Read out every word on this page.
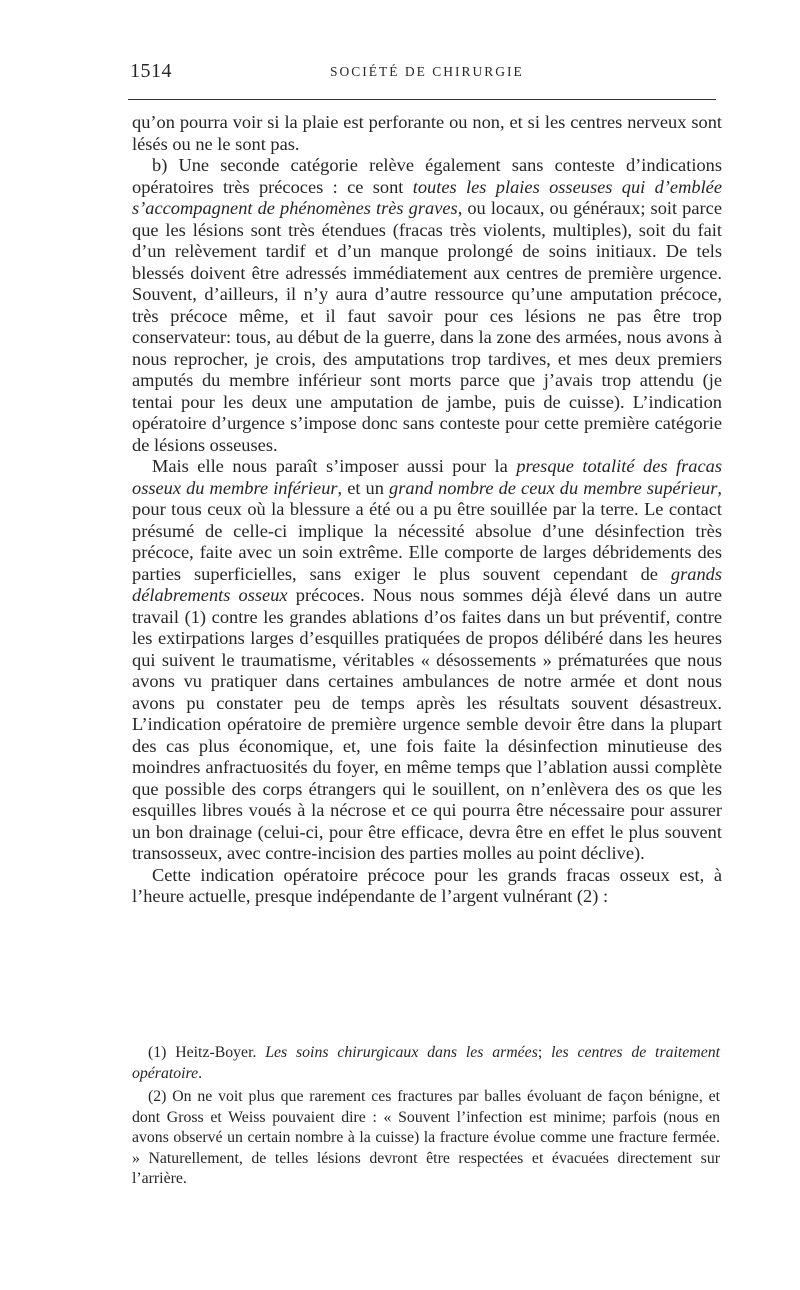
1514	SOCIÉTÉ DE CHIRURGIE

qu’on pourra voir si la plaie est perforante ou non, et si les centres nerveux sont lésés ou ne le sont pas.

b) Une seconde catégorie relève également sans conteste d’indications opératoires très précoces : ce sont toutes les plaies osseuses qui d’emblée s’accompagnent de phénomènes très graves, ou locaux, ou généraux; soit parce que les lésions sont très étendues (fracas très violents, multiples), soit du fait d’un relèvement tardif et d’un manque prolongé de soins initiaux. De tels blessés doivent être adressés immédiatement aux centres de première urgence. Souvent, d’ailleurs, il n’y aura d’autre ressource qu’une amputation précoce, très précoce même, et il faut savoir pour ces lésions ne pas être trop conservateur: tous, au début de la guerre, dans la zone des armées, nous avons à nous reprocher, je crois, des amputations trop tardives, et mes deux premiers amputés du membre inférieur sont morts parce que j’avais trop attendu (je tentai pour les deux une amputation de jambe, puis de cuisse). L’indication opératoire d’urgence s’impose donc sans conteste pour cette première catégorie de lésions osseuses.

Mais elle nous paraît s’imposer aussi pour la presque totalité des fracas osseux du membre inférieur, et un grand nombre de ceux du membre supérieur, pour tous ceux où la blessure a été ou a pu être souillée par la terre. Le contact présumé de celle-ci implique la nécessité absolue d’une désinfection très précoce, faite avec un soin extrême. Elle comporte de larges débridements des parties superficielles, sans exiger le plus souvent cependant de grands délabrements osseux précoces. Nous nous sommes déjà élevé dans un autre travail (1) contre les grandes ablations d’os faites dans un but préventif, contre les extirpations larges d’esquilles pratiquées de propos délibéré dans les heures qui suivent le traumatisme, véritables « désossements » prématurées que nous avons vu pratiquer dans certaines ambulances de notre armée et dont nous avons pu constater peu de temps après les résultats souvent désastreux. L’indication opératoire de première urgence semble devoir être dans la plupart des cas plus économique, et, une fois faite la désinfection minutieuse des moindres anfractuosités du foyer, en même temps que l’ablation aussi complète que possible des corps étrangers qui le souillent, on n’enlèvera des os que les esquilles libres voués à la nécrose et ce qui pourra être nécessaire pour assurer un bon drainage (celui-ci, pour être efficace, devra être en effet le plus souvent transosseux, avec contre-incision des parties molles au point déclive).

Cette indication opératoire précoce pour les grands fracas osseux est, à l’heure actuelle, presque indépendante de l’argent vulnérant (2) :

(1) Heitz-Boyer. Les soins chirurgicaux dans les armées; les centres de traitement opératoire.

(2) On ne voit plus que rarement ces fractures par balles évoluant de façon bénigne, et dont Gross et Weiss pouvaient dire : « Souvent l’infection est minime; parfois (nous en avons observé un certain nombre à la cuisse) la fracture évolue comme une fracture fermée. » Naturellement, de telles lésions devront être respectées et évacuées directement sur l’arrière.
